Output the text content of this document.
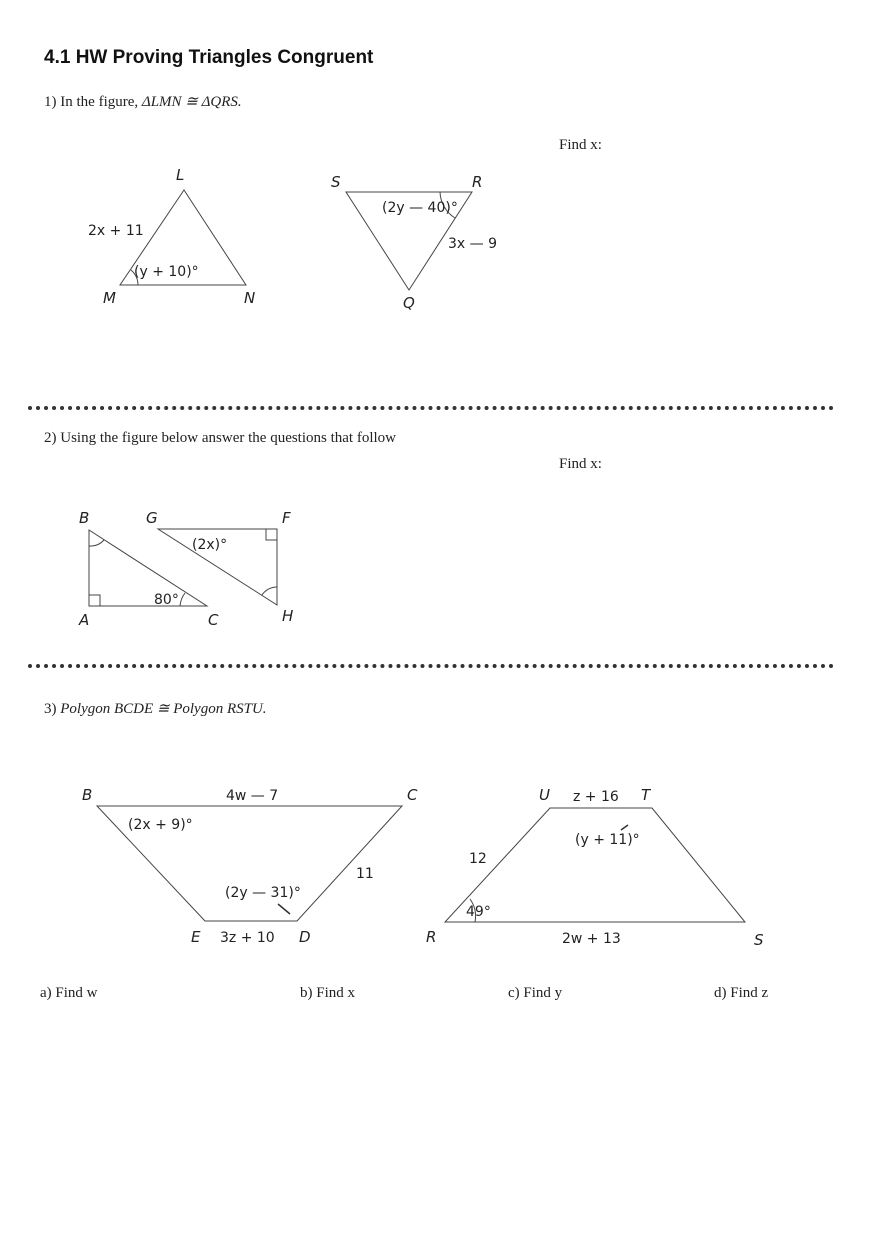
4.1 HW Proving Triangles Congruent
1) In the figure, ΔLMN ≅ ΔQRS.
Find x:
2) Using the figure below answer the questions that follow
Find x:
3) Polygon BCDE ≅ Polygon RSTU.
L
M	N
2x + 11
(y + 10)°
S	R
Q
(2y — 40)°
3x — 9
B	G	F
A	C	H
(2x)°
80°
B	C
E	D
4w — 7
(2x + 9)°
11
(2y — 31)°
3z + 10
U	T
R	S
z + 16
(y + 11)°
12
49°
2w + 13
a) Find w	b) Find x	c) Find y	d) Find z
